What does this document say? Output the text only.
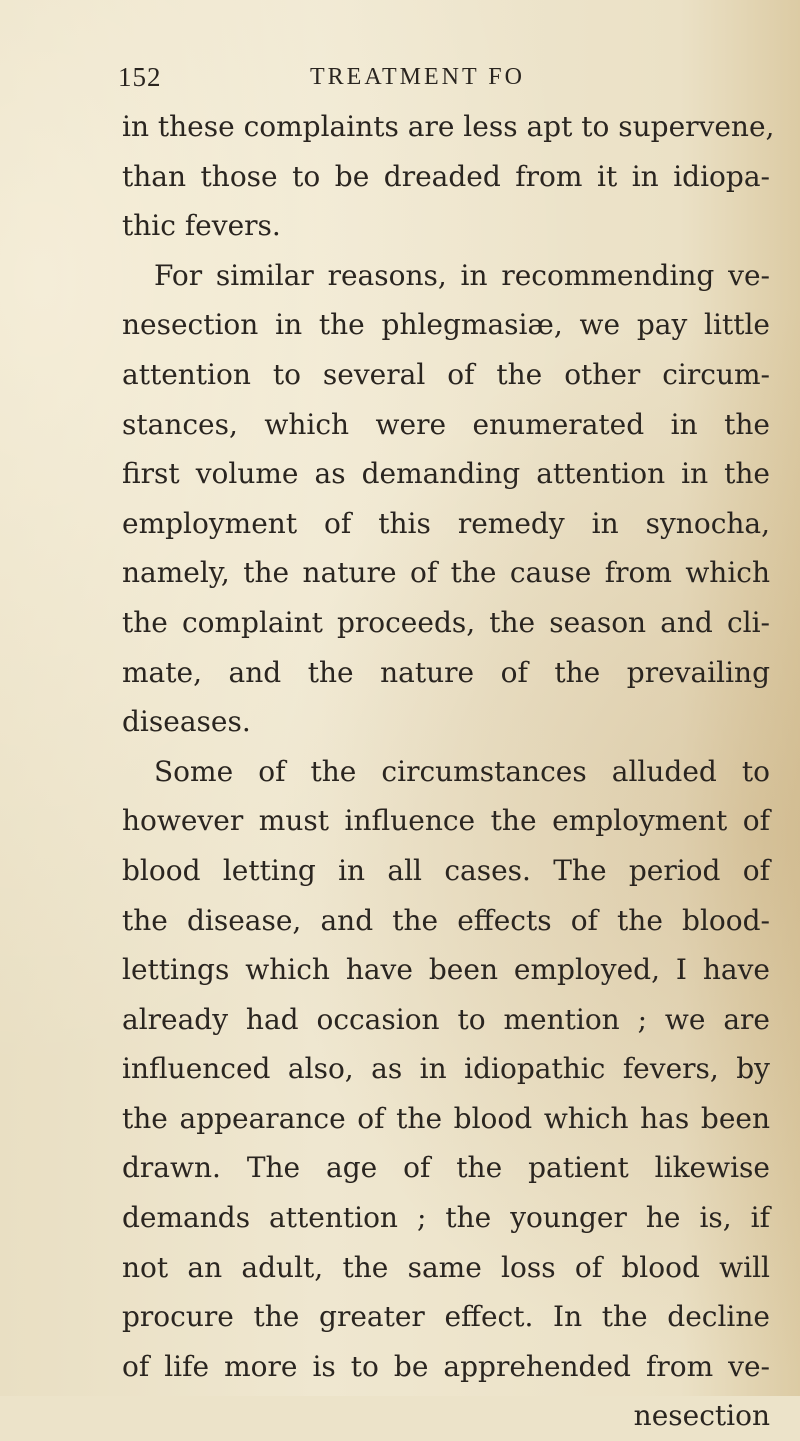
152	TREATMENT FO
in these complaints are less apt to supervene,
than those to be dreaded from it in idiopa-
thic fevers.
For similar reasons, in recommending ve-
nesection in the phlegmasiæ, we pay little
attention to several of the other circum-
stances, which were enumerated in the
first volume as demanding attention in the
employment of this remedy in synocha,
namely, the nature of the cause from which
the complaint proceeds, the season and cli-
mate, and the nature of the prevailing
diseases.
Some of the circumstances alluded to
however must influence the employment of
blood letting in all cases. The period of
the disease, and the effects of the blood-
lettings which have been employed, I have
already had occasion to mention ; we are
influenced also, as in idiopathic fevers, by
the appearance of the blood which has been
drawn. The age of the patient likewise
demands attention ; the younger he is, if
not an adult, the same loss of blood will
procure the greater effect. In the decline
of life more is to be apprehended from ve-
nesection
